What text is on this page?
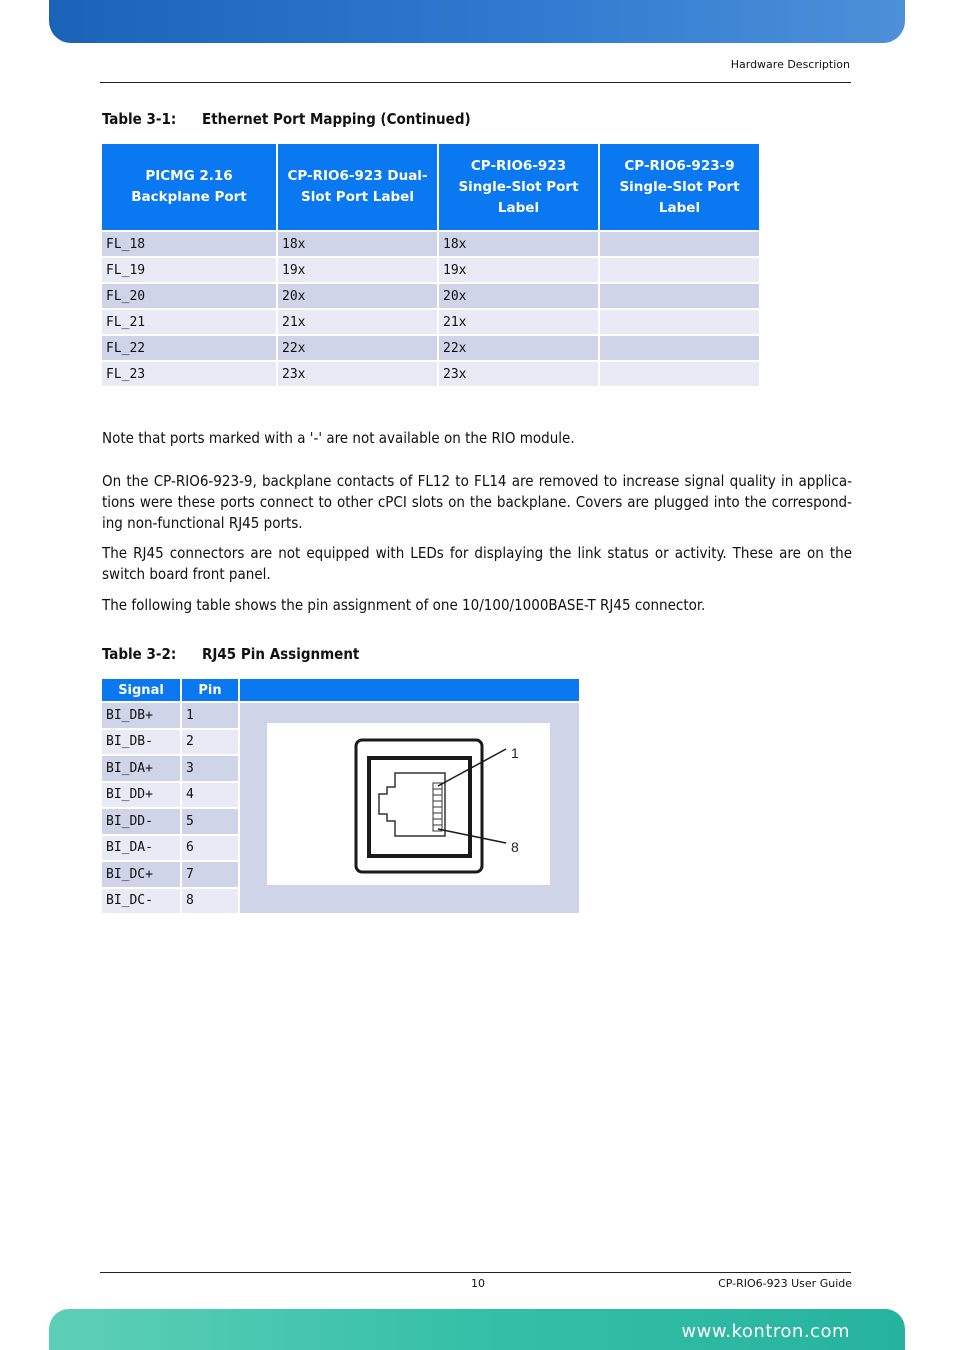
Hardware Description
Table 3-1: Ethernet Port Mapping (Continued)
PICMG 2.16 Backplane Port	CP-RIO6-923 Dual-Slot Port Label	CP-RIO6-923 Single-Slot Port Label	CP-RIO6-923-9 Single-Slot Port Label
FL_18	18x	18x	
FL_19	19x	19x	
FL_20	20x	20x	
FL_21	21x	21x	
FL_22	22x	22x	
FL_23	23x	23x	

Note that ports marked with a '-' are not available on the RIO module.

On the CP-RIO6-923-9, backplane contacts of FL12 to FL14 are removed to increase signal quality in applica-tions were these ports connect to other cPCI slots on the backplane. Covers are plugged into the correspond-ing non-functional RJ45 ports.

The RJ45 connectors are not equipped with LEDs for displaying the link status or activity. These are on the switch board front panel.

The following table shows the pin assignment of one 10/100/1000BASE-T RJ45 connector.

Table 3-2: RJ45 Pin Assignment
Signal	Pin	
BI_DB+	1	1
8

BI_DB-	2	
BI_DA+	3	
BI_DD+	4	
BI_DD-	5	
BI_DA-	6	
BI_DC+	7	
BI_DC-	8	
10	CP-RIO6-923 User Guide
www.kontron.com
